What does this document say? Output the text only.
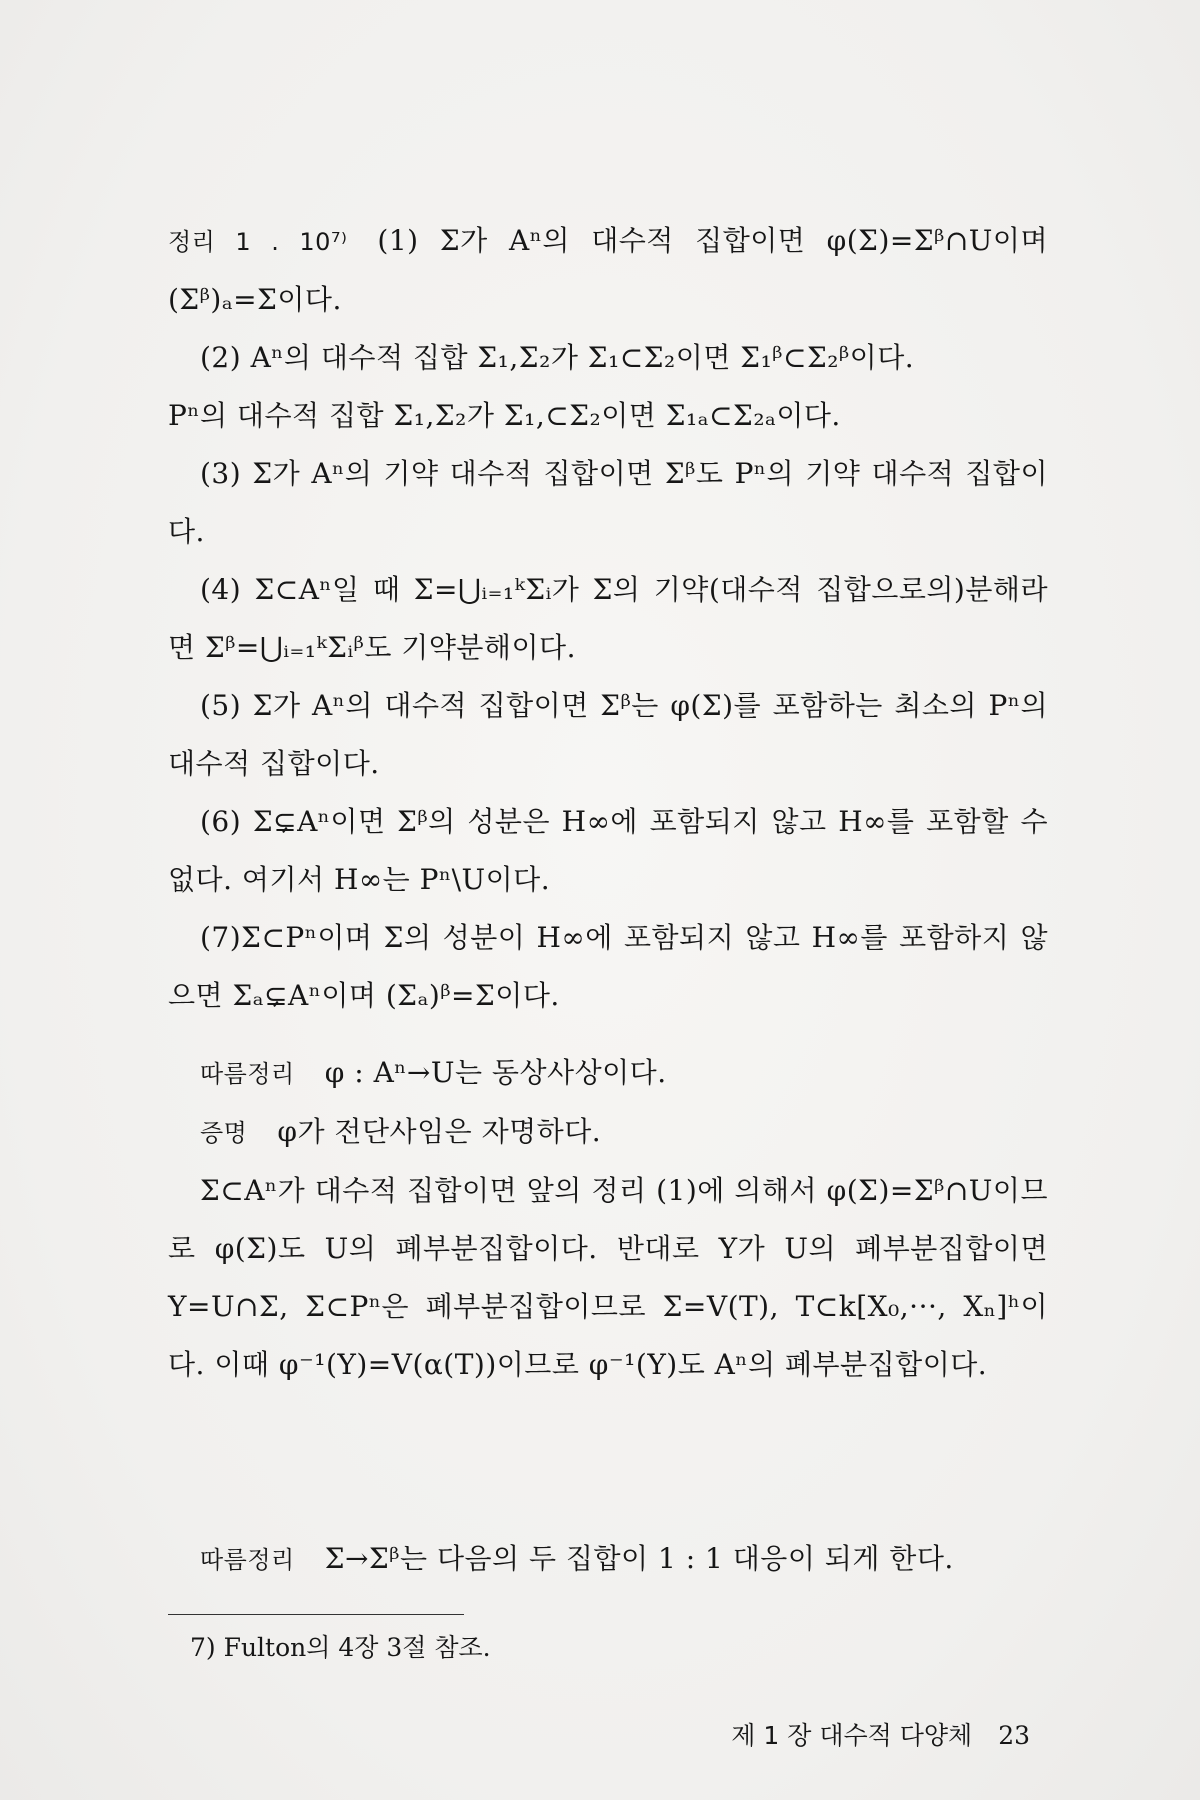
정리 1 . 10⁷⁾ (1) Σ가 Aⁿ의 대수적 집합이면 φ(Σ)=Σᵝ∩U이며 (Σᵝ)ₐ=Σ이다.

(2) Aⁿ의 대수적 집합 Σ₁,Σ₂가 Σ₁⊂Σ₂이면 Σ₁ᵝ⊂Σ₂ᵝ이다.

Pⁿ의 대수적 집합 Σ₁,Σ₂가 Σ₁,⊂Σ₂이면 Σ₁ₐ⊂Σ₂ₐ이다.

(3) Σ가 Aⁿ의 기약 대수적 집합이면 Σᵝ도 Pⁿ의 기약 대수적 집합이다.

(4) Σ⊂Aⁿ일 때 Σ=⋃ᵢ₌₁ᵏΣᵢ가 Σ의 기약(대수적 집합으로의)분해라면 Σᵝ=⋃ᵢ₌₁ᵏΣᵢᵝ도 기약분해이다.

(5) Σ가 Aⁿ의 대수적 집합이면 Σᵝ는 φ(Σ)를 포함하는 최소의 Pⁿ의 대수적 집합이다.

(6) Σ⊊Aⁿ이면 Σᵝ의 성분은 H∞에 포함되지 않고 H∞를 포함할 수 없다. 여기서 H∞는 Pⁿ\U이다.

(7)Σ⊂Pⁿ이며 Σ의 성분이 H∞에 포함되지 않고 H∞를 포함하지 않으면 Σₐ⊊Aⁿ이며 (Σₐ)ᵝ=Σ이다.

따름정리 φ : Aⁿ→U는 동상사상이다.

증명 φ가 전단사임은 자명하다.

Σ⊂Aⁿ가 대수적 집합이면 앞의 정리 (1)에 의해서 φ(Σ)=Σᵝ∩U이므로 φ(Σ)도 U의 폐부분집합이다. 반대로 Y가 U의 폐부분집합이면 Y=U∩Σ, Σ⊂Pⁿ은 폐부분집합이므로 Σ=V(T), T⊂k[X₀,···, Xₙ]ʰ이다. 이때 φ⁻¹(Y)=V(α(T))이므로 φ⁻¹(Y)도 Aⁿ의 폐부분집합이다.

따름정리 Σ→Σᵝ는 다음의 두 집합이 1 : 1 대응이 되게 한다.

7) Fulton의 4장 3절 참조.
제 1 장 대수적 다양체 23
